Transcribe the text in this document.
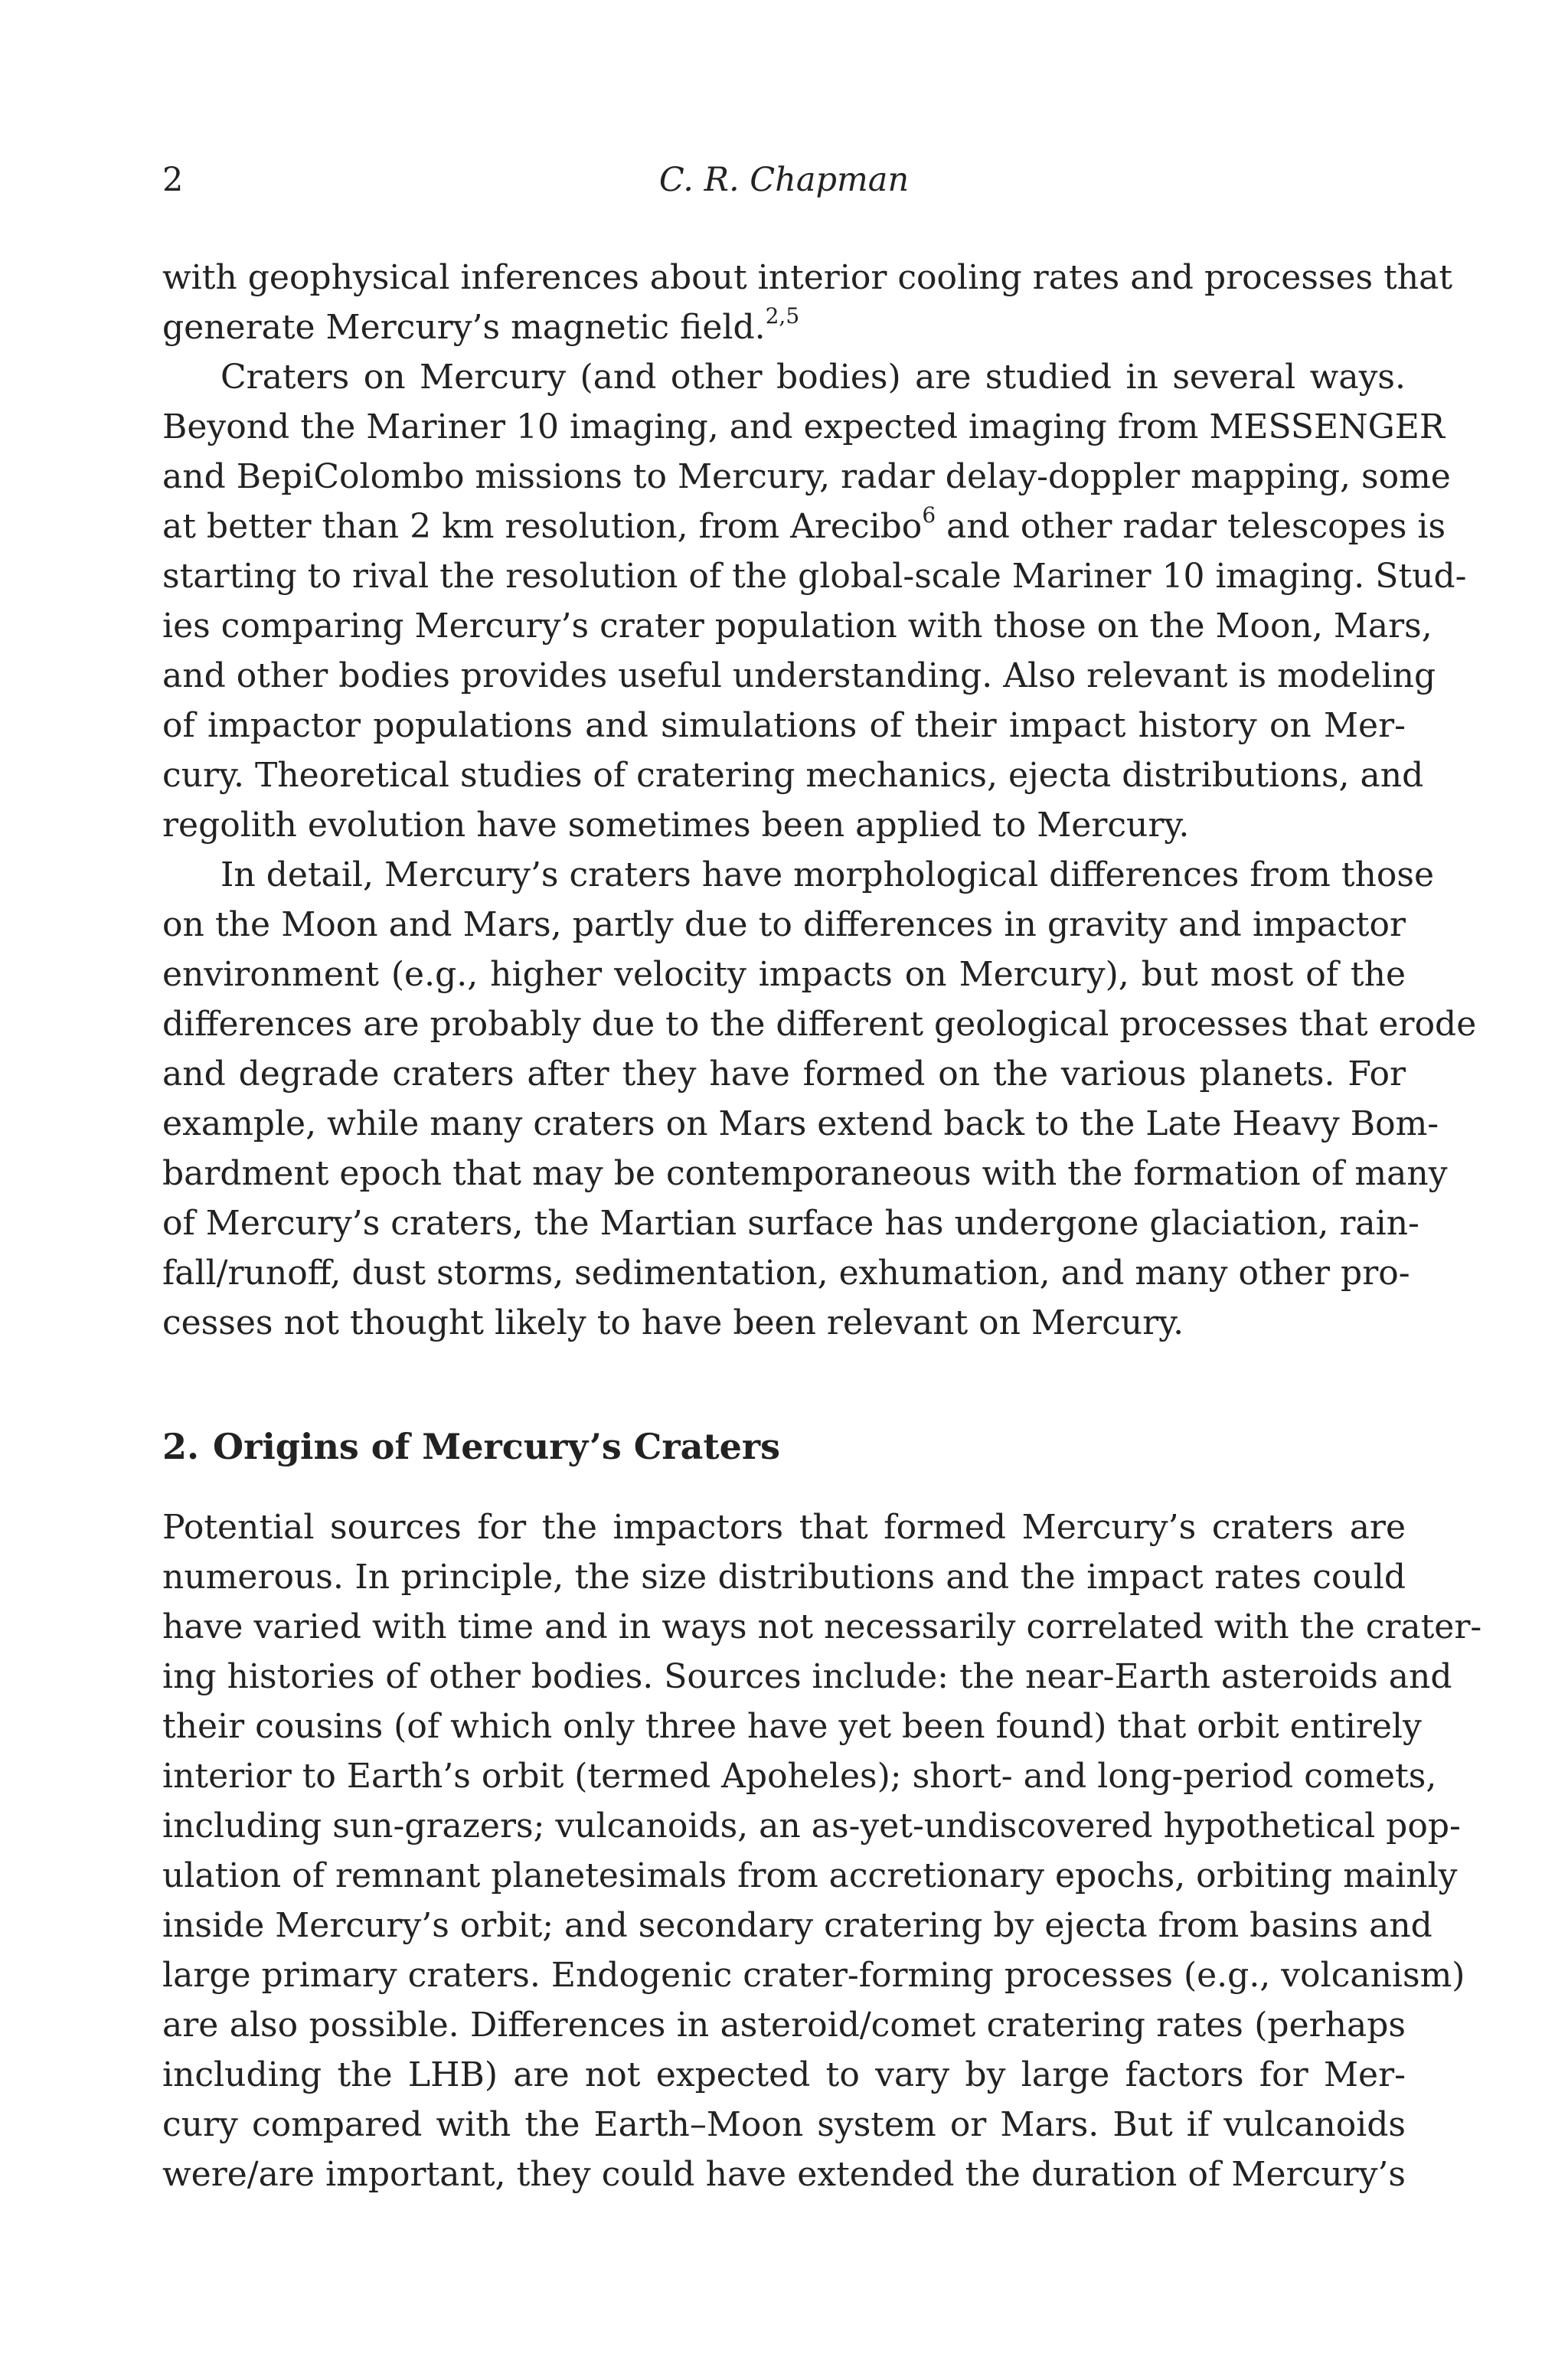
2	C. R. Chapman
with geophysical inferences about interior cooling rates and processes that
generate Mercury’s magnetic field.$^{2,5}$
Craters on Mercury (and other bodies) are studied in several ways.
Beyond the Mariner 10 imaging, and expected imaging from MESSENGER
and BepiColombo missions to Mercury, radar delay-doppler mapping, some
at better than 2 km resolution, from Arecibo$^6$ and other radar telescopes is
starting to rival the resolution of the global-scale Mariner 10 imaging. Stud-
ies comparing Mercury’s crater population with those on the Moon, Mars,
and other bodies provides useful understanding. Also relevant is modeling
of impactor populations and simulations of their impact history on Mer-
cury. Theoretical studies of cratering mechanics, ejecta distributions, and
regolith evolution have sometimes been applied to Mercury.
In detail, Mercury’s craters have morphological differences from those
on the Moon and Mars, partly due to differences in gravity and impactor
environment (e.g., higher velocity impacts on Mercury), but most of the
differences are probably due to the different geological processes that erode
and degrade craters after they have formed on the various planets. For
example, while many craters on Mars extend back to the Late Heavy Bom-
bardment epoch that may be contemporaneous with the formation of many
of Mercury’s craters, the Martian surface has undergone glaciation, rain-
fall/runoff, dust storms, sedimentation, exhumation, and many other pro-
cesses not thought likely to have been relevant on Mercury.
2. Origins of Mercury’s Craters
Potential sources for the impactors that formed Mercury’s craters are
numerous. In principle, the size distributions and the impact rates could
have varied with time and in ways not necessarily correlated with the crater-
ing histories of other bodies. Sources include: the near-Earth asteroids and
their cousins (of which only three have yet been found) that orbit entirely
interior to Earth’s orbit (termed Apoheles); short- and long-period comets,
including sun-grazers; vulcanoids, an as-yet-undiscovered hypothetical pop-
ulation of remnant planetesimals from accretionary epochs, orbiting mainly
inside Mercury’s orbit; and secondary cratering by ejecta from basins and
large primary craters. Endogenic crater-forming processes (e.g., volcanism)
are also possible. Differences in asteroid/comet cratering rates (perhaps
including the LHB) are not expected to vary by large factors for Mer-
cury compared with the Earth–Moon system or Mars. But if vulcanoids
were/are important, they could have extended the duration of Mercury’s
